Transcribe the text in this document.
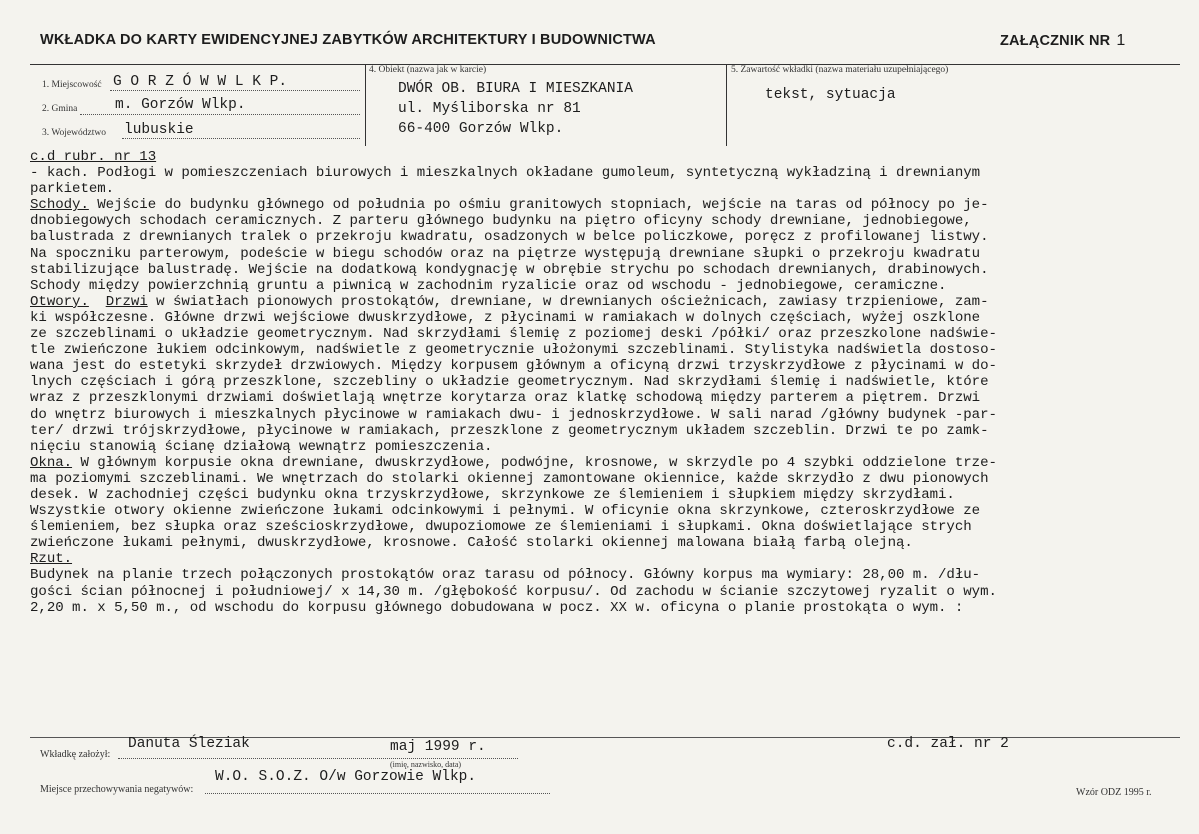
WKŁADKA DO KARTY EWIDENCYJNEJ ZABYTKÓW ARCHITEKTURY I BUDOWNICTWA	ZAŁĄCZNIK NR 1
1. Miejscowość G O R Z Ó W W L K P.
2. Gmina	m. Gorzów Wlkp.
3. Województwo lubuskie
4. Obiekt (nazwa jak w karcie)
DWÓR OB. BIURA I MIESZKANIA
ul. Myśliborska nr 81
66-400 Gorzów Wlkp.
5. Zawartość wkładki (nazwa materiału uzupełniającego)
tekst, sytuacja
c.d rubr. nr 13
- kach. Podłogi w pomieszczeniach biurowych i mieszkalnych okładane gumoleum, syntetyczną wykładziną i drewnianym
parkietem.
Schody. Wejście do budynku głównego od południa po ośmiu granitowych stopniach, wejście na taras od północy po je-
dnobiegowych schodach ceramicznych. Z parteru głównego budynku na piętro oficyny schody drewniane, jednobiegowe,
balustrada z drewnianych tralek o przekroju kwadratu, osadzonych w belce policzkowe, poręcz z profilowanej listwy.
Na spoczniku parterowym, podeście w biegu schodów oraz na piętrze występują drewniane słupki o przekroju kwadratu
stabilizujące balustradę. Wejście na dodatkową kondygnację w obrębie strychu po schodach drewnianych, drabinowych.
Schody między powierzchnią gruntu a piwnicą w zachodnim ryzalicie oraz od wschodu - jednobiegowe, ceramiczne.
Otwory. Drzwi w światłach pionowych prostokątów, drewniane, w drewnianych ościeżnicach, zawiasy trzpieniowe, zam-
ki współczesne. Główne drzwi wejściowe dwuskrzydłowe, z płycinami w ramiakach w dolnych częściach, wyżej oszklone
ze szczeblinami o układzie geometrycznym. Nad skrzydłami ślemię z poziomej deski /półki/ oraz przeszkolone nadświe-
tle zwieńczone łukiem odcinkowym, nadświetle z geometrycznie ułożonymi szczeblinami. Stylistyka nadświetla dostoso-
wana jest do estetyki skrzydeł drzwiowych. Między korpusem głównym a oficyną drzwi trzyskrzydłowe z płycinami w do-
lnych częściach i górą przeszklone, szczebliny o układzie geometrycznym. Nad skrzydłami ślemię i nadświetle, które
wraz z przeszklonymi drzwiami doświetlają wnętrze korytarza oraz klatkę schodową między parterem a piętrem. Drzwi
do wnętrz biurowych i mieszkalnych płycinowe w ramiakach dwu- i jednoskrzydłowe. W sali narad /główny budynek -par-
ter/ drzwi trójskrzydłowe, płycinowe w ramiakach, przeszklone z geometrycznym układem szczeblin. Drzwi te po zamk-
nięciu stanowią ścianę działową wewnątrz pomieszczenia.
Okna. W głównym korpusie okna drewniane, dwuskrzydłowe, podwójne, krosnowe, w skrzydle po 4 szybki oddzielone trze-
ma poziomymi szczeblinami. We wnętrzach do stolarki okiennej zamontowane okiennice, każde skrzydło z dwu pionowych
desek. W zachodniej części budynku okna trzyskrzydłowe, skrzynkowe ze ślemieniem i słupkiem między skrzydłami.
Wszystkie otwory okienne zwieńczone łukami odcinkowymi i pełnymi. W oficynie okna skrzynkowe, czteroskrzydłowe ze
ślemieniem, bez słupka oraz sześcioskrzydłowe, dwupoziomowe ze ślemieniami i słupkami. Okna doświetlające strych
zwieńczone łukami pełnymi, dwuskrzydłowe, krosnowe. Całość stolarki okiennej malowana białą farbą olejną.
Rzut.
Budynek na planie trzech połączonych prostokątów oraz tarasu od północy. Główny korpus ma wymiary: 28,00 m. /dłu-
gości ścian północnej i południowej/ x 14,30 m. /głębokość korpusu/. Od zachodu w ścianie szczytowej ryzalit o wym.
2,20 m. x 5,50 m., od wschodu do korpusu głównego dobudowana w pocz. XX w. oficyna o planie prostokąta o wym. :
Wkładkę założył:
Danuta Śleziak	maj 1999 r.
(imię, nazwisko, data)
c.d. zał. nr 2
Miejsce przechowywania negatywów:
W.O. S.O.Z. O/w Gorzowie Wlkp.
Wzór ODZ 1995 r.
